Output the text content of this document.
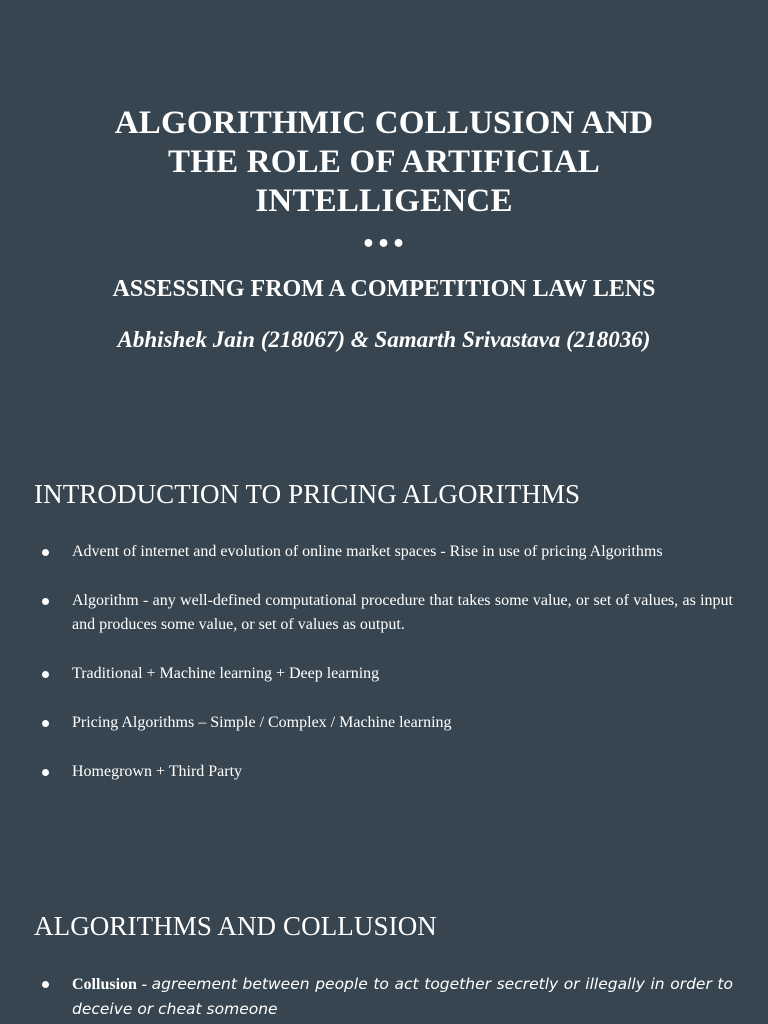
ALGORITHMIC COLLUSION AND
THE ROLE OF ARTIFICIAL
INTELLIGENCE
•••
ASSESSING FROM A COMPETITION LAW LENS
Abhishek Jain (218067) & Samarth Srivastava (218036)
INTRODUCTION TO PRICING ALGORITHMS
Advent of internet and evolution of online market spaces - Rise in use of pricing Algorithms
Algorithm - any well-defined computational procedure that takes some value, or set of values, as input and produces some value, or set of values as output.
Traditional + Machine learning + Deep learning
Pricing Algorithms – Simple / Complex / Machine learning
Homegrown + Third Party
ALGORITHMS AND COLLUSION
Collusion - agreement between people to act together secretly or illegally in order to deceive or cheat someone
